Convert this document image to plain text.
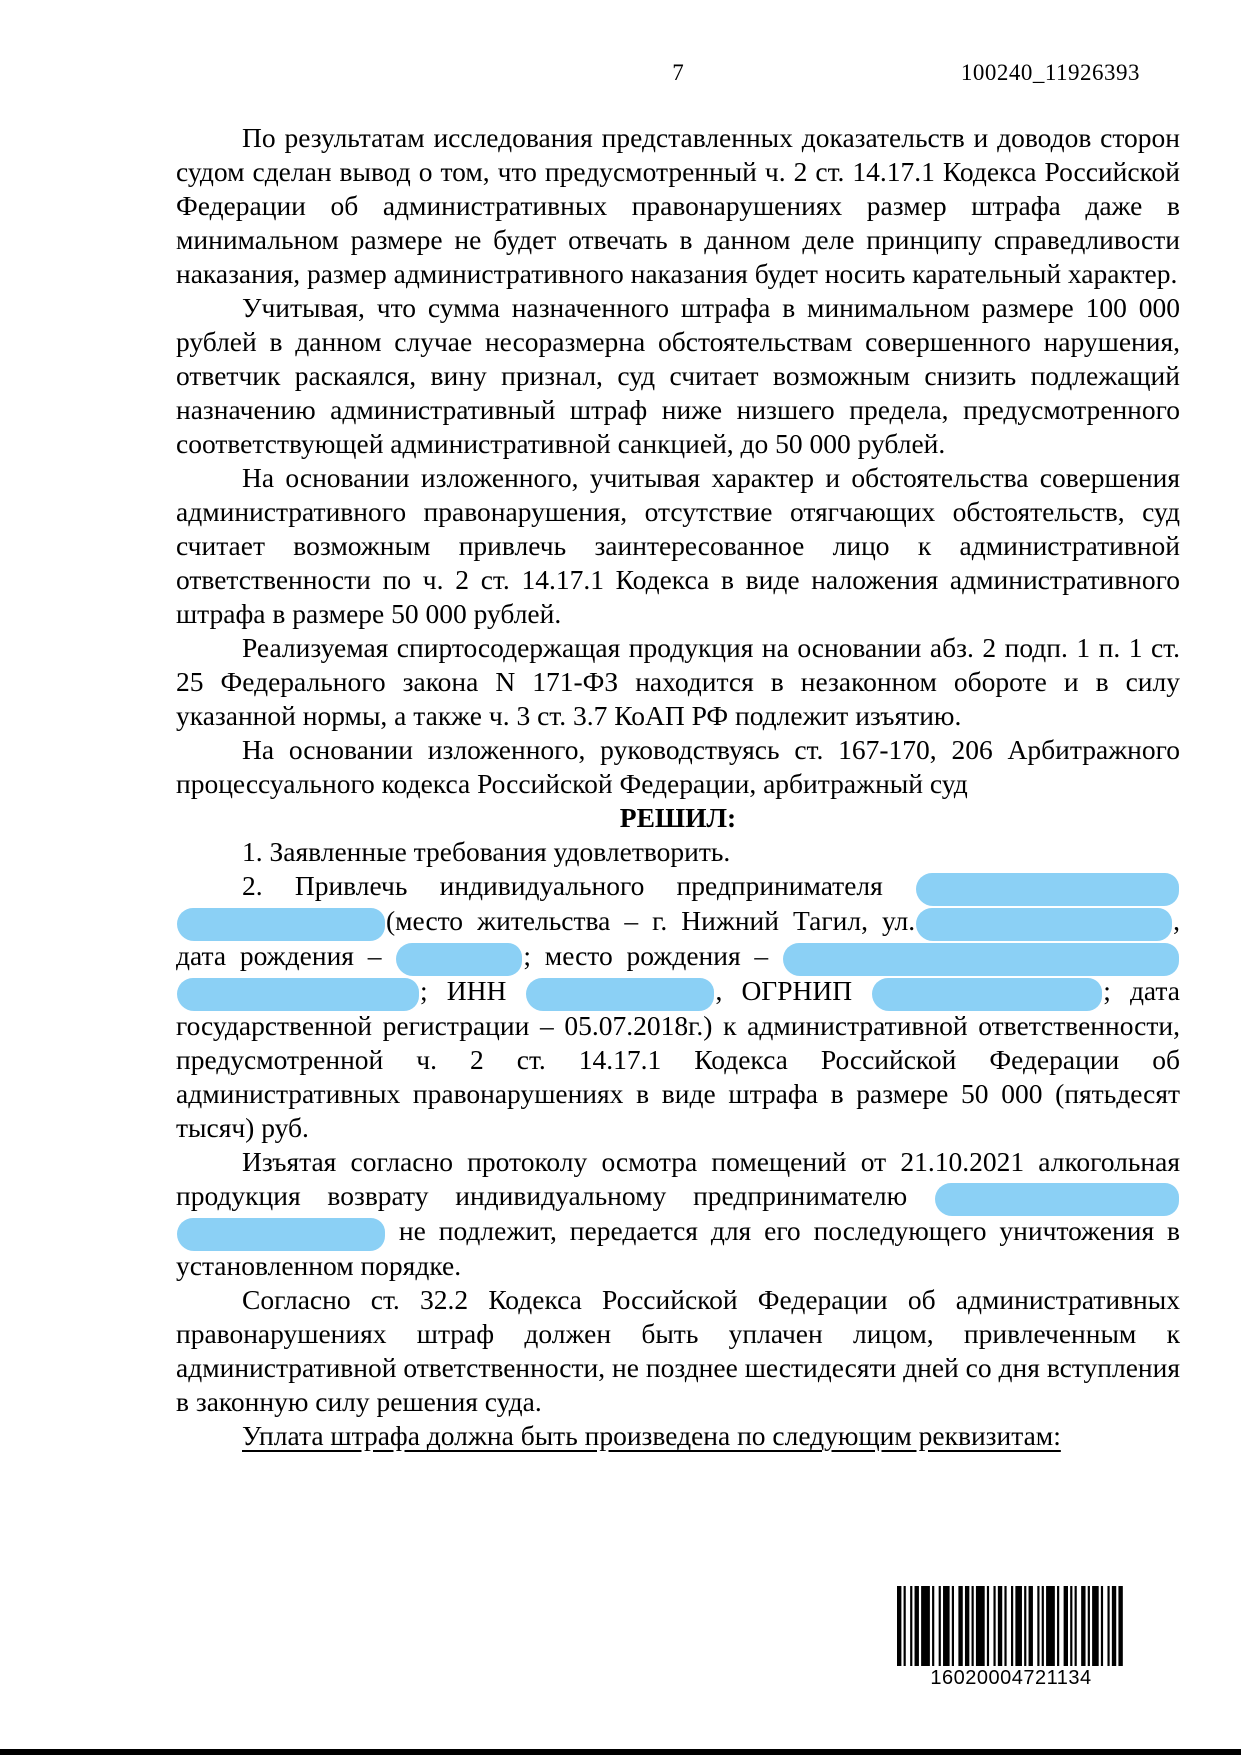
7	100240_11926393

По результатам исследования представленных доказательств и доводов сторон судом сделан вывод о том, что предусмотренный ч. 2 ст. 14.17.1 Кодекса Российской Федерации об административных правонарушениях размер штрафа даже в минимальном размере не будет отвечать в данном деле принципу справедливости наказания, размер административного наказания будет носить карательный характер.

Учитывая, что сумма назначенного штрафа в минимальном размере 100 000 рублей в данном случае несоразмерна обстоятельствам совершенного нарушения, ответчик раскаялся, вину признал, суд считает возможным снизить подлежащий назначению административный штраф ниже низшего предела, предусмотренного соответствующей административной санкцией, до 50 000 рублей.

На основании изложенного, учитывая характер и обстоятельства совершения административного правонарушения, отсутствие отягчающих обстоятельств, суд считает возможным привлечь заинтересованное лицо к административной ответственности по ч. 2 ст. 14.17.1 Кодекса в виде наложения административного штрафа в размере 50 000 рублей.

Реализуемая спиртосодержащая продукция на основании абз. 2 подп. 1 п. 1 ст. 25 Федерального закона N 171-ФЗ находится в незаконном обороте и в силу указанной нормы, а также ч. 3 ст. 3.7 КоАП РФ подлежит изъятию.

На основании изложенного, руководствуясь ст. 167-170, 206 Арбитражного процессуального кодекса Российской Федерации, арбитражный суд

РЕШИЛ:

1. Заявленные требования удовлетворить.

2. Привлечь индивидуального предпринимателя  (место жительства – г. Нижний Тагил, ул.	, дата рождения –	; место рождения –  ; ИНН	, ОГРНИП	; дата государственной регистрации – 05.07.2018г.) к административной ответственности, предусмотренной ч. 2 ст. 14.17.1 Кодекса Российской Федерации об административных правонарушениях в виде штрафа в размере 50 000 (пятьдесят тысяч) руб.

Изъятая согласно протоколу осмотра помещений от 21.10.2021 алкогольная продукция возврату индивидуальному предпринимателю   не подлежит, передается для его последующего уничтожения в установленном порядке.

Согласно ст. 32.2 Кодекса Российской Федерации об административных правонарушениях штраф должен быть уплачен лицом, привлеченным к административной ответственности, не позднее шестидесяти дней со дня вступления в законную силу решения суда.

Уплата штрафа должна быть произведена по следующим реквизитам:

16020004721134
